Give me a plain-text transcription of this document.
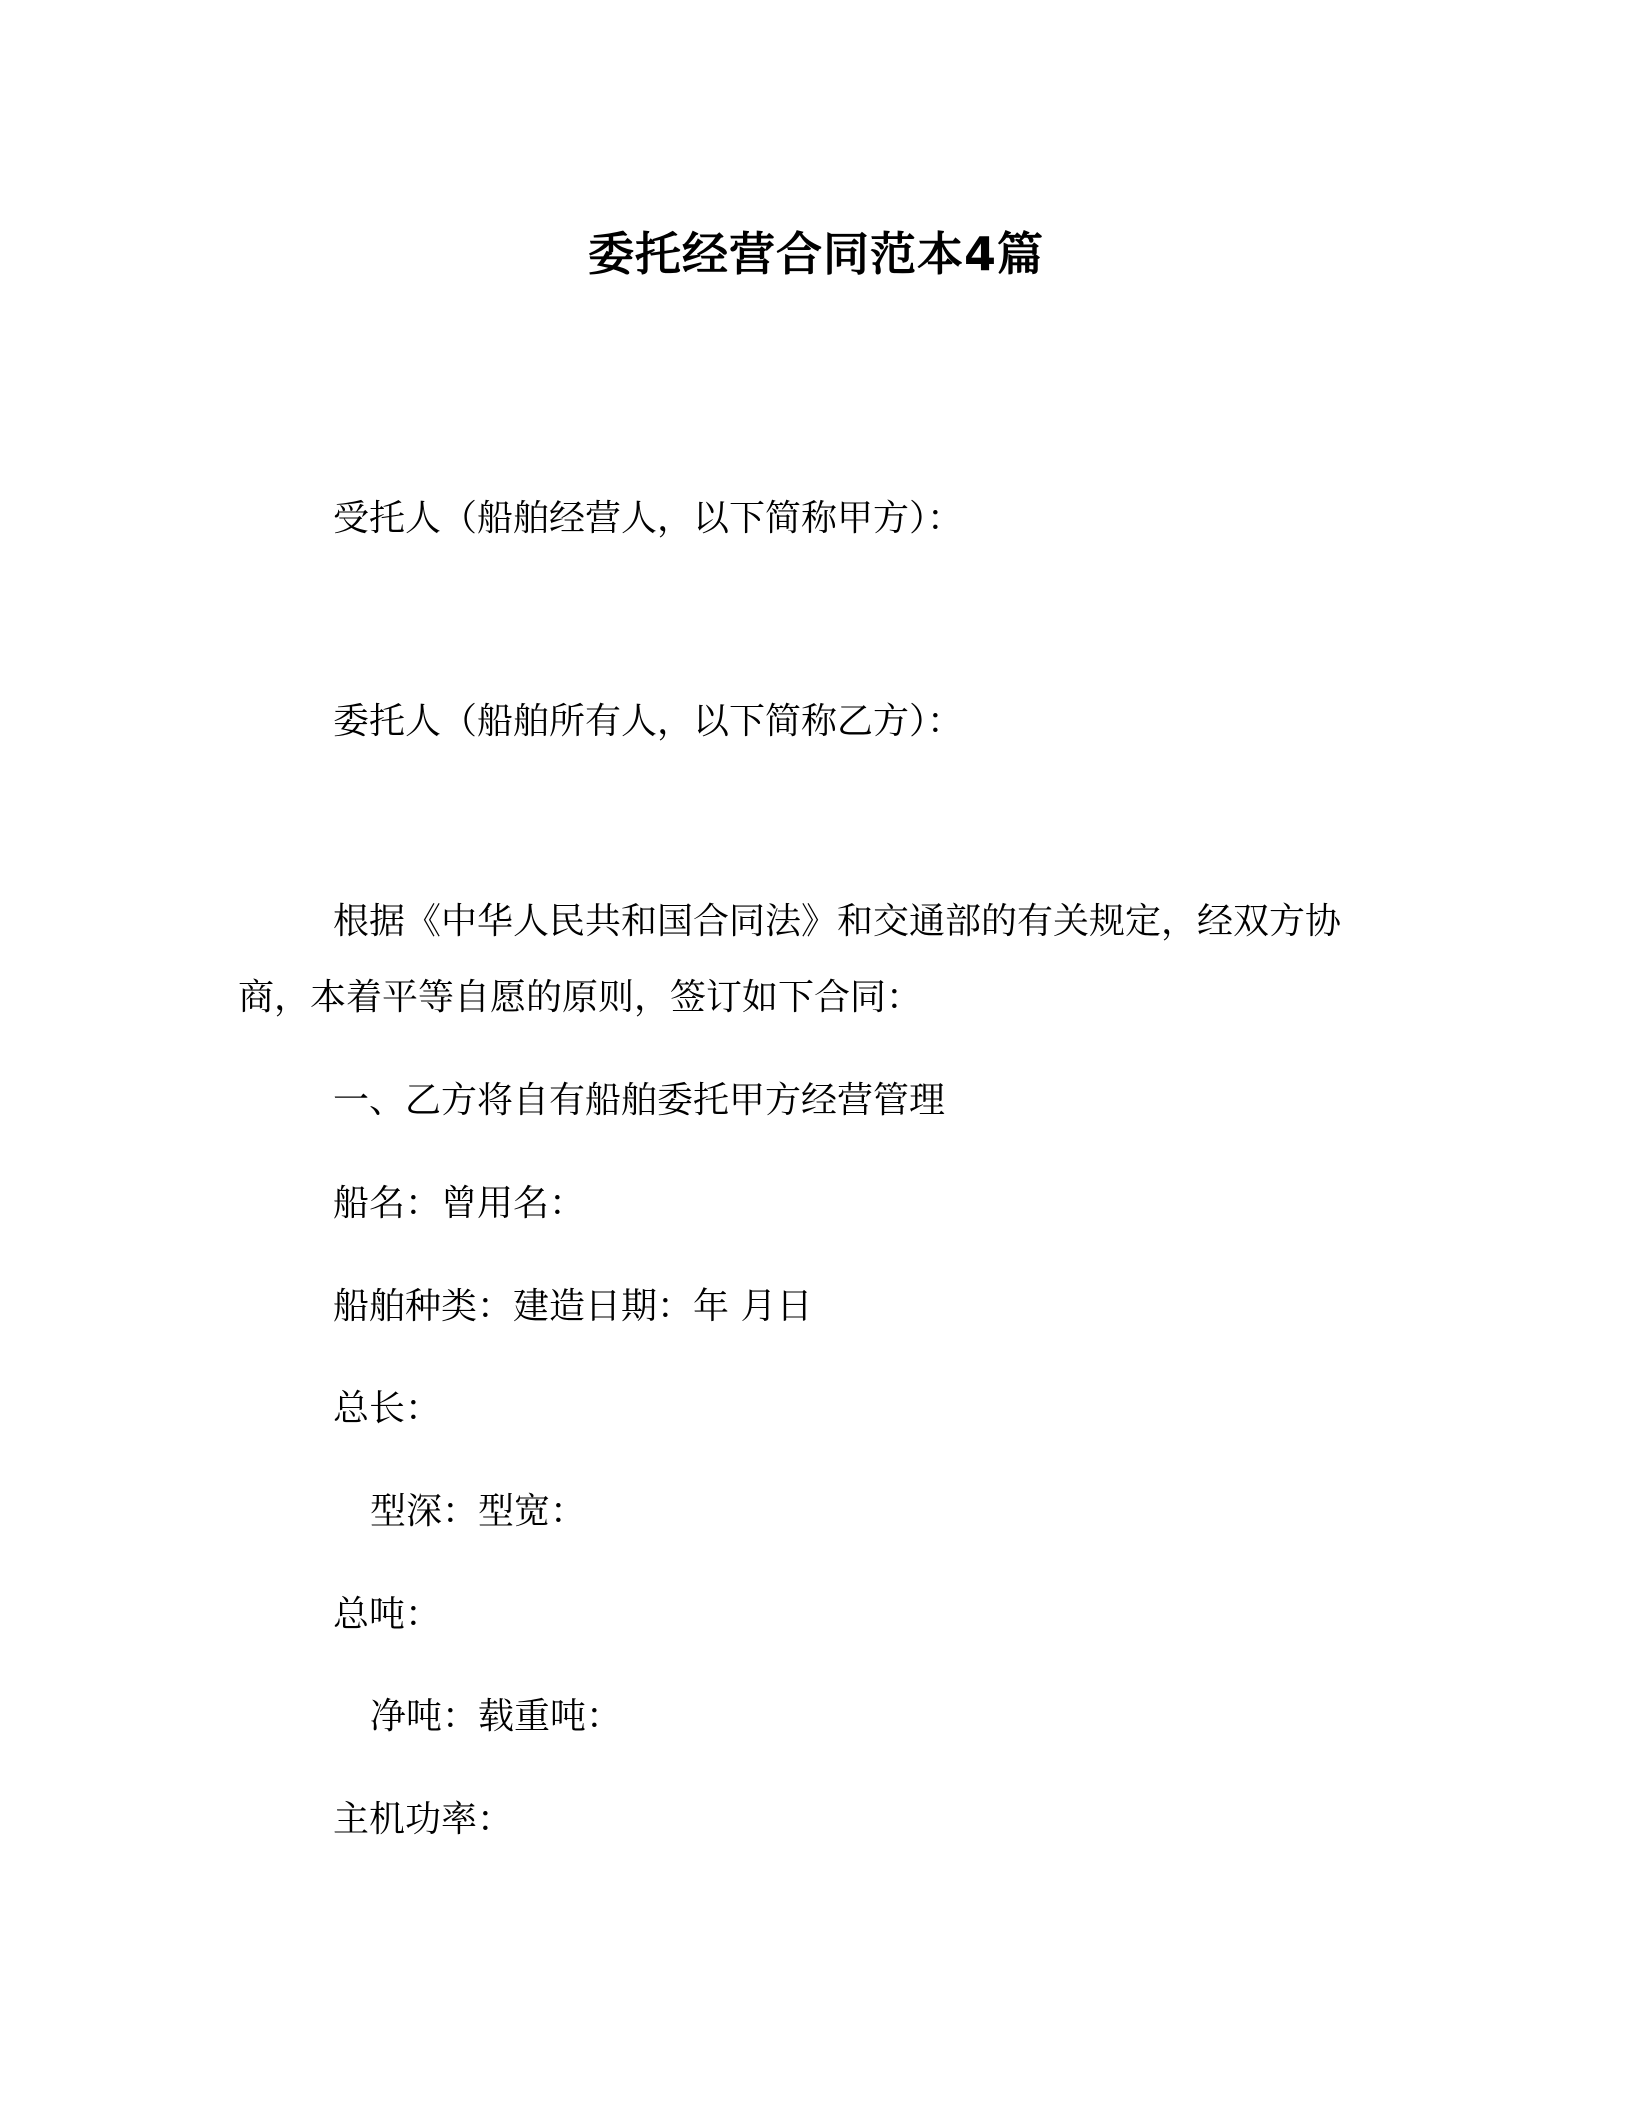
委托经营合同范本4篇
受托人（船舶经营人，以下简称甲方）：
委托人（船舶所有人，以下简称乙方）：
根据《中华人民共和国合同法》和交通部的有关规定，经双方协
商，本着平等自愿的原则，签订如下合同：
一、乙方将自有船舶委托甲方经营管理
船名：曾用名：
船舶种类：建造日期：年 月日
总长：
型深：型宽：
总吨：
净吨：载重吨：
主机功率：
